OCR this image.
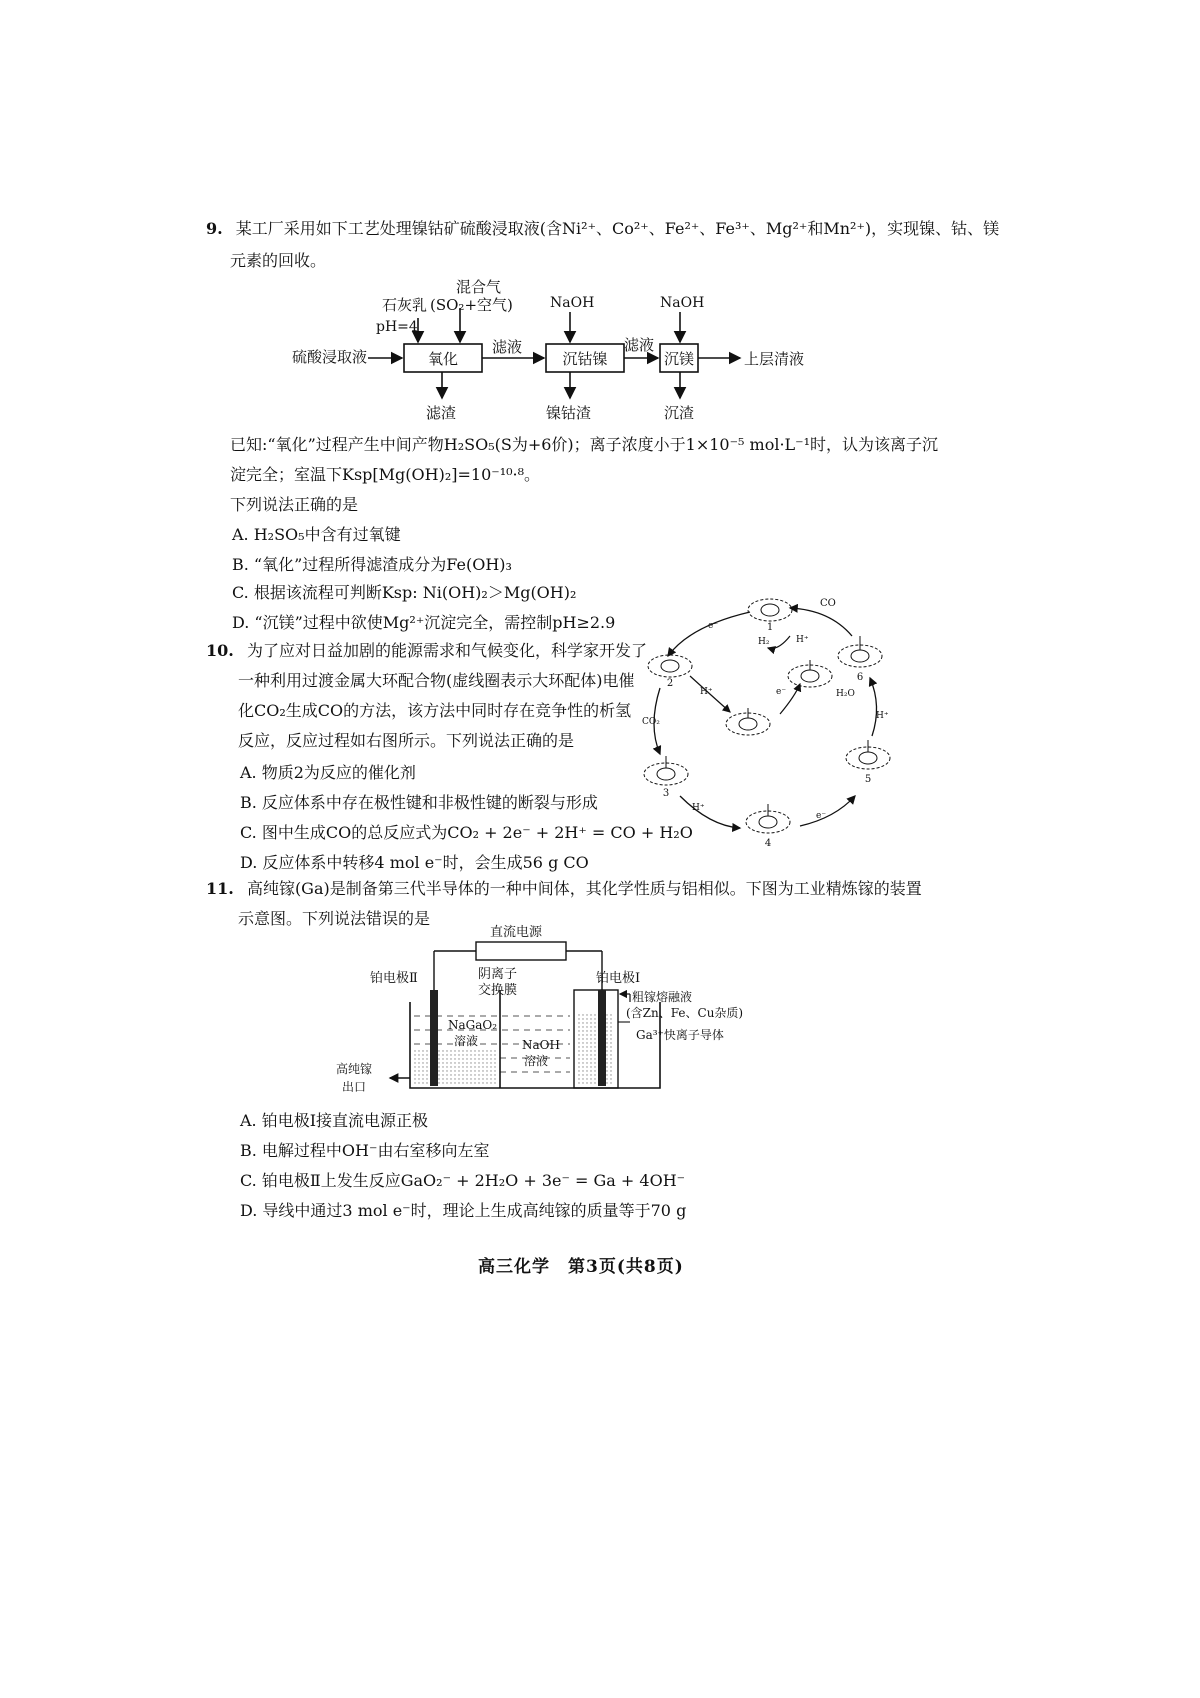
9. 某工厂采用如下工艺处理镍钴矿硫酸浸取液(含Ni²⁺、Co²⁺、Fe²⁺、Fe³⁺、Mg²⁺和Mn²⁺)，实现镍、钴、镁
元素的回收。
硫酸浸取液
石灰乳
pH=4
混合气
(SO₂+空气)
氧化
滤液
NaOH
沉钴镍
滤液
NaOH
沉镁	上层清液
滤渣	镍钴渣	沉渣
已知:“氧化”过程产生中间产物H₂SO₅(S为+6价)；离子浓度小于1×10⁻⁵ mol·L⁻¹时，认为该离子沉
淀完全；室温下Ksp[Mg(OH)₂]=10⁻¹⁰·⁸。
下列说法正确的是
A. H₂SO₅中含有过氧键
B. “氧化”过程所得滤渣成分为Fe(OH)₃
C. 根据该流程可判断Ksp: Ni(OH)₂＞Mg(OH)₂
D. “沉镁”过程中欲使Mg²⁺沉淀完全，需控制pH≥2.9
10. 为了应对日益加剧的能源需求和气候变化，科学家开发了
一种利用过渡金属大环配合物(虚线圈表示大环配体)电催
化CO₂生成CO的方法，该方法中同时存在竞争性的析氢
反应，反应过程如右图所示。下列说法正确的是
A. 物质2为反应的催化剂
B. 反应体系中存在极性键和非极性键的断裂与形成
C. 图中生成CO的总反应式为CO₂ + 2e⁻ + 2H⁺ = CO + H₂O
D. 反应体系中转移4 mol e⁻时，会生成56 g CO
1
2
3
4
5
6
CO
CO₂
H₂	H⁺
H⁺
H⁺
H⁺
H₂O
e⁻
e⁻
e⁻
11. 高纯镓(Ga)是制备第三代半导体的一种中间体，其化学性质与铝相似。下图为工业精炼镓的装置
示意图。下列说法错误的是
直流电源
阴离子
交换膜
铂电极Ⅱ	铂电极Ⅰ
粗镓熔融液
(含Zn、Fe、Cu杂质)
Ga³⁺快离子导体
NaGaO₂
溶液	NaOH
溶液
高纯镓
出口
A. 铂电极Ⅰ接直流电源正极
B. 电解过程中OH⁻由右室移向左室
C. 铂电极Ⅱ上发生反应GaO₂⁻ + 2H₂O + 3e⁻ = Ga + 4OH⁻
D. 导线中通过3 mol e⁻时，理论上生成高纯镓的质量等于70 g
高三化学　第3页(共8页)
